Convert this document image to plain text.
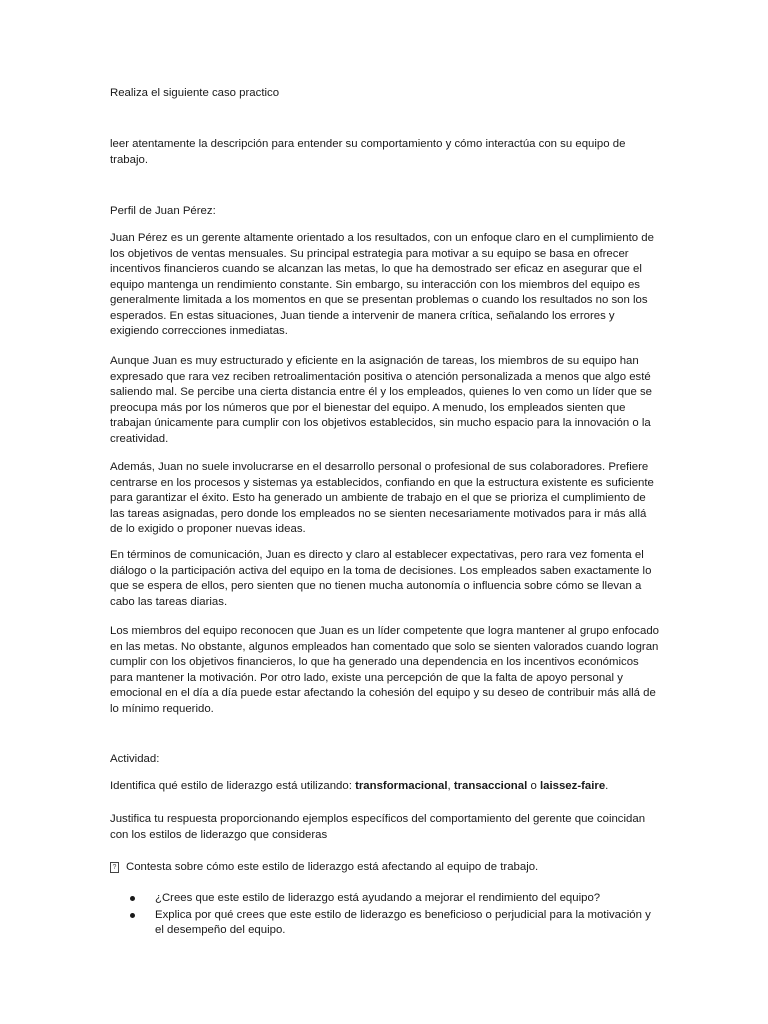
Realiza el siguiente caso practico

leer atentamente la descripción para entender su comportamiento y cómo interactúa con su equipo de trabajo.

Perfil de Juan Pérez:

Juan Pérez es un gerente altamente orientado a los resultados, con un enfoque claro en el cumplimiento de los objetivos de ventas mensuales. Su principal estrategia para motivar a su equipo se basa en ofrecer incentivos financieros cuando se alcanzan las metas, lo que ha demostrado ser eficaz en asegurar que el equipo mantenga un rendimiento constante. Sin embargo, su interacción con los miembros del equipo es generalmente limitada a los momentos en que se presentan problemas o cuando los resultados no son los esperados. En estas situaciones, Juan tiende a intervenir de manera crítica, señalando los errores y exigiendo correcciones inmediatas.

Aunque Juan es muy estructurado y eficiente en la asignación de tareas, los miembros de su equipo han expresado que rara vez reciben retroalimentación positiva o atención personalizada a menos que algo esté saliendo mal. Se percibe una cierta distancia entre él y los empleados, quienes lo ven como un líder que se preocupa más por los números que por el bienestar del equipo. A menudo, los empleados sienten que trabajan únicamente para cumplir con los objetivos establecidos, sin mucho espacio para la innovación o la creatividad.

Además, Juan no suele involucrarse en el desarrollo personal o profesional de sus colaboradores. Prefiere centrarse en los procesos y sistemas ya establecidos, confiando en que la estructura existente es suficiente para garantizar el éxito. Esto ha generado un ambiente de trabajo en el que se prioriza el cumplimiento de las tareas asignadas, pero donde los empleados no se sienten necesariamente motivados para ir más allá de lo exigido o proponer nuevas ideas.

En términos de comunicación, Juan es directo y claro al establecer expectativas, pero rara vez fomenta el diálogo o la participación activa del equipo en la toma de decisiones. Los empleados saben exactamente lo que se espera de ellos, pero sienten que no tienen mucha autonomía o influencia sobre cómo se llevan a cabo las tareas diarias.

Los miembros del equipo reconocen que Juan es un líder competente que logra mantener al grupo enfocado en las metas. No obstante, algunos empleados han comentado que solo se sienten valorados cuando logran cumplir con los objetivos financieros, lo que ha generado una dependencia en los incentivos económicos para mantener la motivación. Por otro lado, existe una percepción de que la falta de apoyo personal y emocional en el día a día puede estar afectando la cohesión del equipo y su deseo de contribuir más allá de lo mínimo requerido.

Actividad:

Identifica qué estilo de liderazgo está utilizando: transformacional, transaccional o laissez-faire.

Justifica tu respuesta proporcionando ejemplos específicos del comportamiento del gerente que coincidan con los estilos de liderazgo que consideras

? Contesta sobre cómo este estilo de liderazgo está afectando al equipo de trabajo.

¿Crees que este estilo de liderazgo está ayudando a mejorar el rendimiento del equipo?
Explica por qué crees que este estilo de liderazgo es beneficioso o perjudicial para la motivación y el desempeño del equipo.
